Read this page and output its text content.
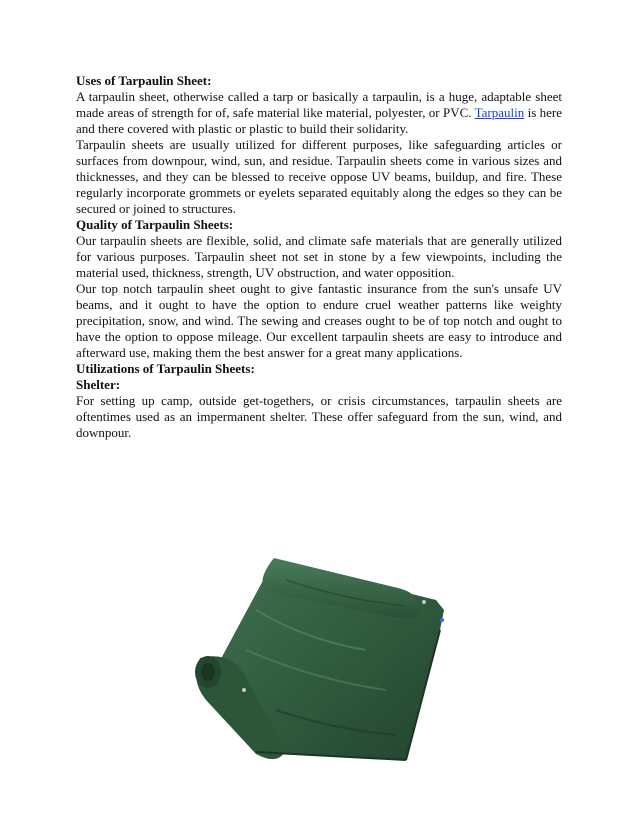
Uses of Tarpaulin Sheet:

A tarpaulin sheet, otherwise called a tarp or basically a tarpaulin, is a huge, adaptable sheet made areas of strength for of, safe material like material, polyester, or PVC. Tarpaulin is here and there covered with plastic or plastic to build their solidarity.

Tarpaulin sheets are usually utilized for different purposes, like safeguarding articles or surfaces from downpour, wind, sun, and residue. Tarpaulin sheets come in various sizes and thicknesses, and they can be blessed to receive oppose UV beams, buildup, and fire. These regularly incorporate grommets or eyelets separated equitably along the edges so they can be secured or joined to structures.

Quality of Tarpaulin Sheets:

Our tarpaulin sheets are flexible, solid, and climate safe materials that are generally utilized for various purposes. Tarpaulin sheet not set in stone by a few viewpoints, including the material used, thickness, strength, UV obstruction, and water opposition.

Our top notch tarpaulin sheet ought to give fantastic insurance from the sun's unsafe UV beams, and it ought to have the option to endure cruel weather patterns like weighty precipitation, snow, and wind. The sewing and creases ought to be of top notch and ought to have the option to oppose mileage. Our excellent tarpaulin sheets are easy to introduce and afterward use, making them the best answer for a great many applications.

Utilizations of Tarpaulin Sheets:
Shelter:

For setting up camp, outside get-togethers, or crisis circumstances, tarpaulin sheets are oftentimes used as an impermanent shelter. These offer safeguard from the sun, wind, and downpour.
